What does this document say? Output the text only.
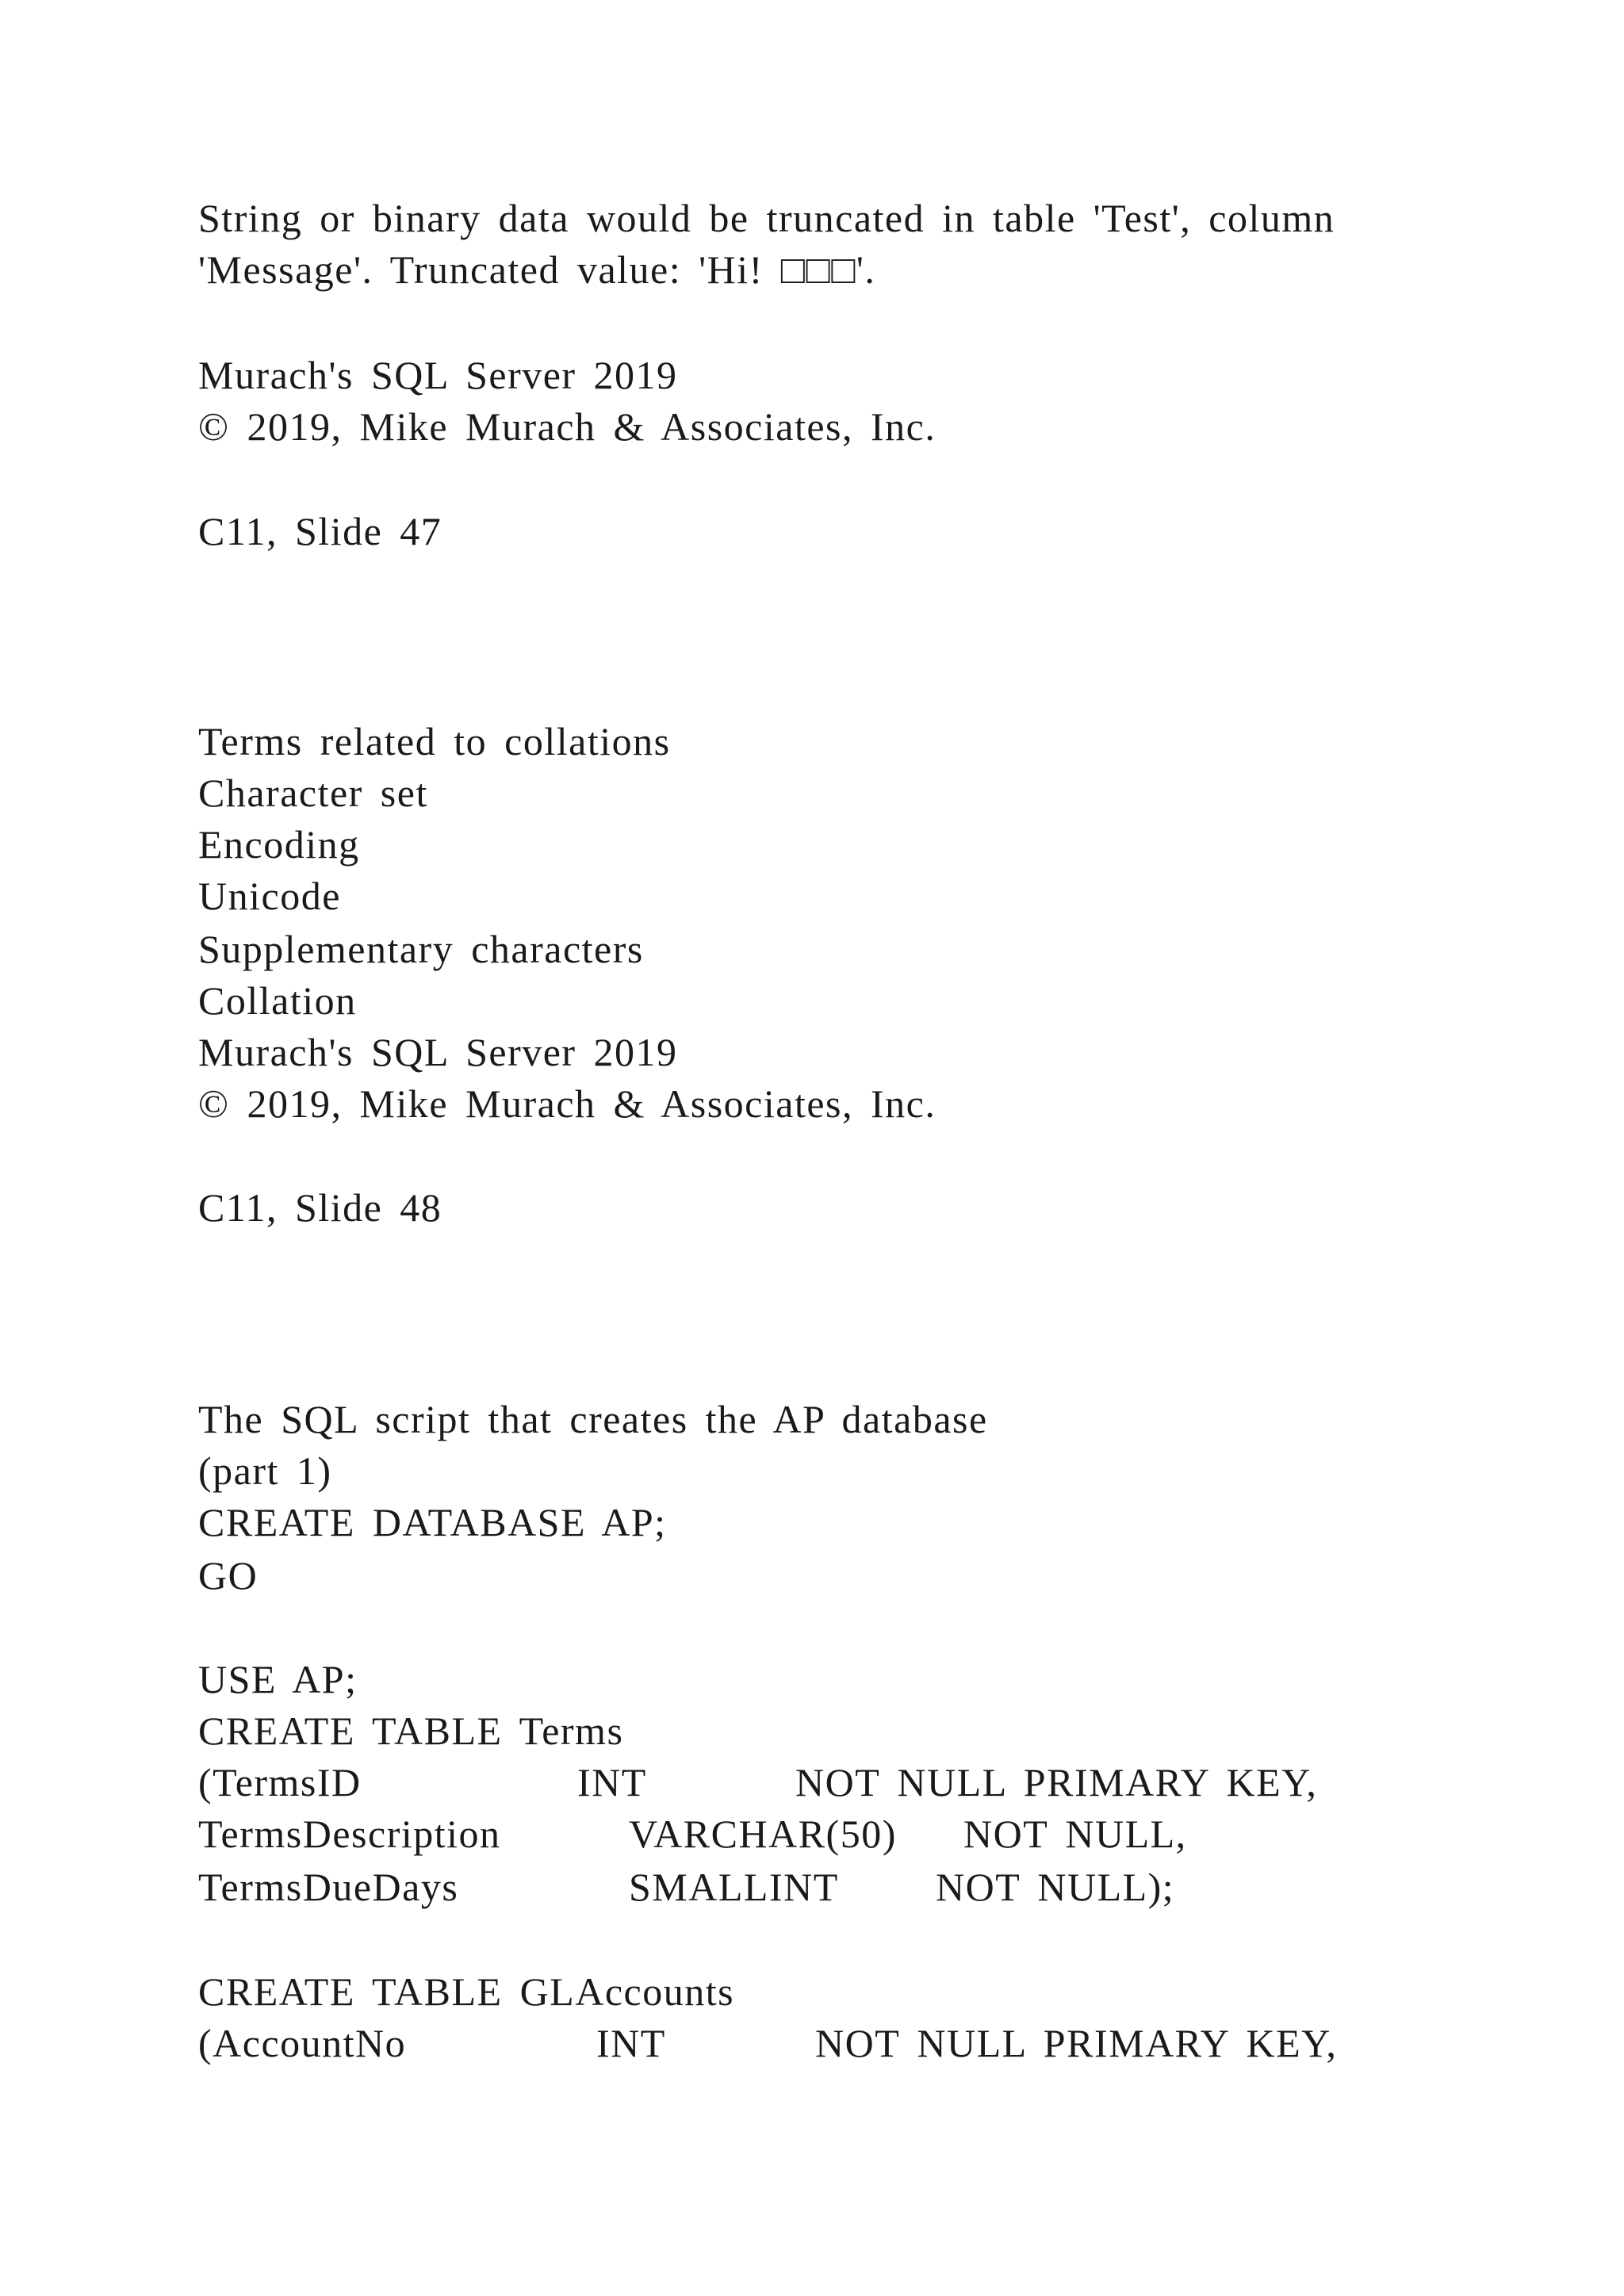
String or binary data would be truncated in table 'Test', column
'Message'. Truncated value: 'Hi! □□□'.
Murach's SQL Server 2019
© 2019, Mike Murach & Associates, Inc.
C11, Slide 47
Terms related to collations
Character set
Encoding
Unicode
Supplementary characters
Collation
Murach's SQL Server 2019
© 2019, Mike Murach & Associates, Inc.
C11, Slide 48
The SQL script that creates the AP database
(part 1)
CREATE DATABASE AP;
GO
USE AP;
CREATE TABLE Terms
(TermsID	INT	NOT NULL PRIMARY KEY,
TermsDescription	VARCHAR(50) NOT NULL,
TermsDueDays	SMALLINT NOT NULL);
CREATE TABLE GLAccounts
(AccountNo	INT	NOT NULL PRIMARY KEY,
